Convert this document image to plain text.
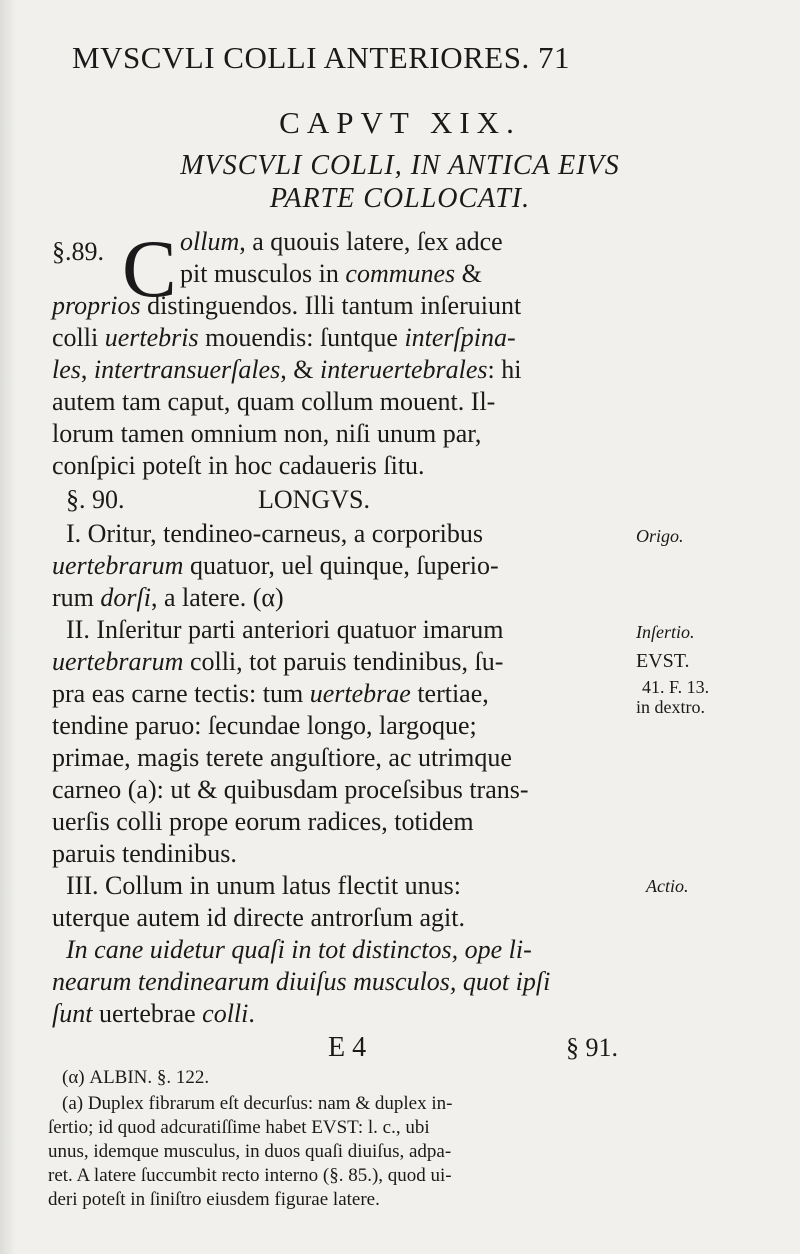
MVSCVLI COLLI ANTERIORES. 71
CAPVT XIX.
MVSCVLI COLLI, IN ANTICA EIVS
PARTE COLLOCATI.
§.89. C ollum, a quouis latere, ſex adce
pit musculos in communes &
proprios distinguendos. Illi tantum inſeruiunt
colli uertebris mouendis: ſuntque interſpina-
les, intertransuerſales, & interuertebrales: hi
autem tam caput, quam collum mouent. Il-
lorum tamen omnium non, niſi unum par,
conſpici poteſt in hoc cadaueris ſitu.
§. 90.	LONGVS.
I. Oritur, tendineo-carneus, a corporibus
uertebrarum quatuor, uel quinque, ſuperio-
rum dorſi, a latere. (α)
II. Inſeritur parti anteriori quatuor imarum
uertebrarum colli, tot paruis tendinibus, ſu-
pra eas carne tectis: tum uertebrae tertiae,
tendine paruo: ſecundae longo, largoque;
primae, magis terete anguſtiore, ac utrimque
carneo (a): ut & quibusdam proceſsibus trans-
uerſis colli prope eorum radices, totidem
paruis tendinibus.
III. Collum in unum latus flectit unus:
uterque autem id directe antrorſum agit.
In cane uidetur quaſi in tot distinctos, ope li-
nearum tendinearum diuiſus musculos, quot ipſi
ſunt uertebrae colli.
Origo.
Inſertio.
EVST.
41. F. 13.
in dextro.
Actio.
E 4	§ 91.
(α) ALBIN. §. 122.
(a) Duplex fibrarum eſt decurſus: nam & duplex in-
ſertio; id quod adcuratiſſime habet EVST: l. c., ubi
unus, idemque musculus, in duos quaſi diuiſus, adpa-
ret. A latere ſuccumbit recto interno (§. 85.), quod ui-
deri poteſt in ſiniſtro eiusdem figurae latere.
